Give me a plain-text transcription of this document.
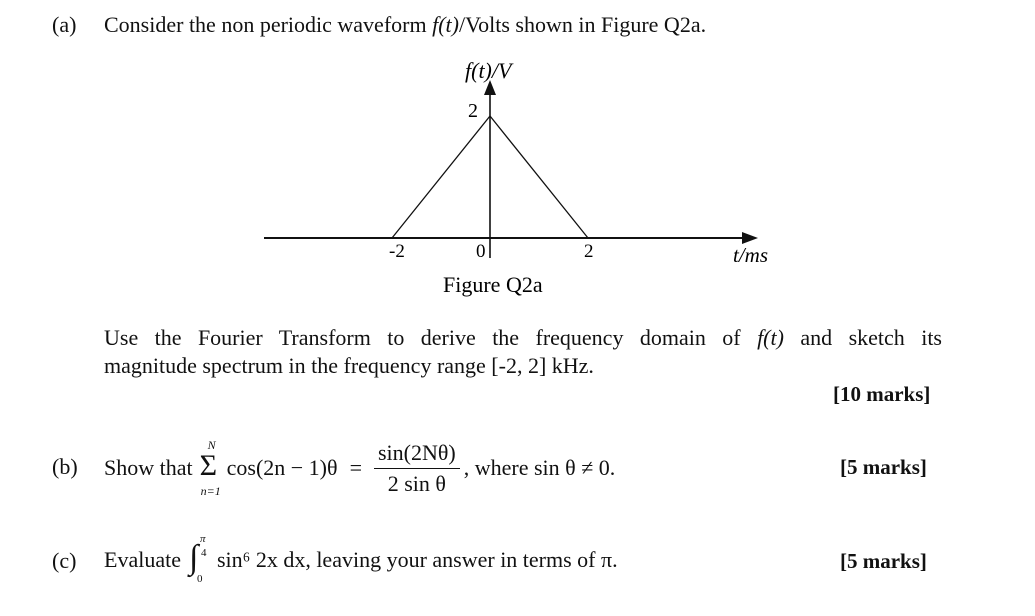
(a) Consider the non periodic waveform f(t)/Volts shown in Figure Q2a.
f(t)/V
2
-2	0	2	t/ms
Figure Q2a
Use the Fourier Transform to derive the frequency domain of f(t) and sketch its
magnitude spectrum in the frequency range [-2, 2] kHz.
[10 marks]
(b) Show that
N
Σ
n=1
$\cos(2n - 1)\theta = \frac{\sin(2N\theta)}{\text{2 sin θ}}$ , where sin θ ≠ 0.	[5 marks]
(c) Evaluate
π
4
∫
0
sin⁶ 2x dx , leaving your answer in terms of π.	[5 marks]
